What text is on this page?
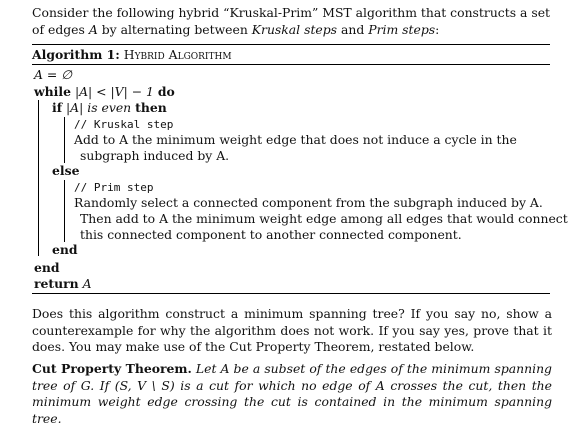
Consider the following hybrid “Kruskal-Prim” MST algorithm that constructs a set of edges A by alternating between Kruskal steps and Prim steps:

Algorithm 1: Hybrid Algorithm
A = ∅
while |A| < |V| − 1 do
if |A| is even then
// Kruskal step
Add to A the minimum weight edge that does not induce a cycle in the
subgraph induced by A.
else
// Prim step
Randomly select a connected component from the subgraph induced by A.
Then add to A the minimum weight edge among all edges that would connect
this connected component to another connected component.
end
end
return A

Does this algorithm construct a minimum spanning tree? If you say no, show a counterexample for why the algorithm does not work. If you say yes, prove that it does. You may make use of the Cut Property Theorem, restated below.

Cut Property Theorem. Let A be a subset of the edges of the minimum spanning tree of G. If (S, V \ S) is a cut for which no edge of A crosses the cut, then the minimum weight edge crossing the cut is contained in the minimum spanning tree.
